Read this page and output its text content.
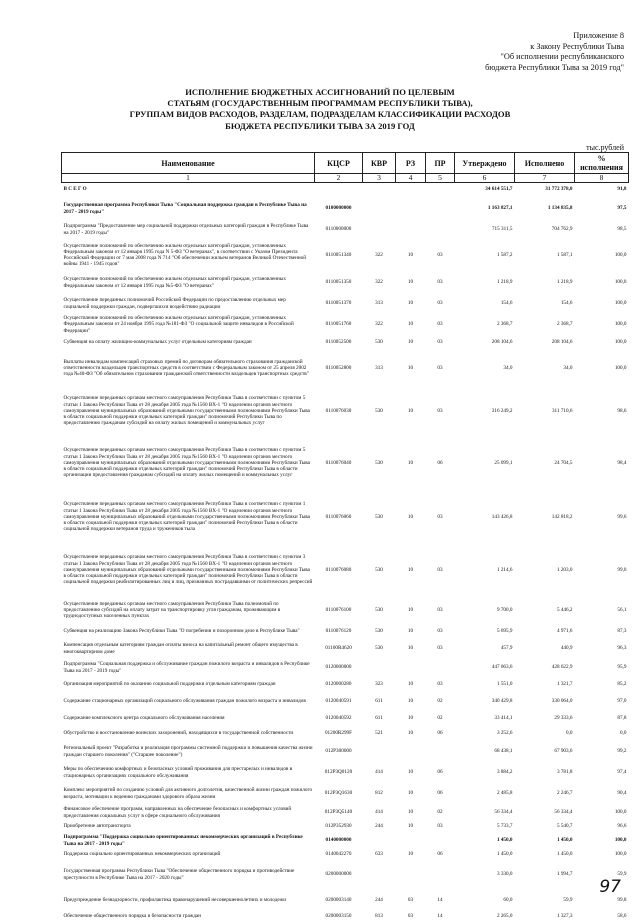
Приложение 8
к Закону Республики Тыва
"Об исполнении республиканского
бюджета Республики Тыва за 2019 год"
ИСПОЛНЕНИЕ БЮДЖЕТНЫХ АССИГНОВАНИЙ ПО ЦЕЛЕВЫМ
СТАТЬЯМ (ГОСУДАРСТВЕННЫМ ПРОГРАММАМ РЕСПУБЛИКИ ТЫВА),
ГРУППАМ ВИДОВ РАСХОДОВ, РАЗДЕЛАМ, ПОДРАЗДЕЛАМ КЛАССИФИКАЦИИ РАСХОДОВ
БЮДЖЕТА РЕСПУБЛИКИ ТЫВА ЗА 2019 ГОД
тыс.рублей
Наименование	КЦСР	КВР	РЗ	ПР	Утверждено	Исполнено	% исполнения
1	2	3	4	5	6	7	8
В С Е Г О					34 614 551,7	31 772 378,0	91,8
Государственная программа Республики Тыва "Социальная поддержка граждан в Республике Тыва на 2017 - 2019 годы"	0100000000				1 163 827,1	1 134 835,8	97,5
Подпрограмма "Предоставление мер социальной поддержки отдельных категорий граждан в Республике Тыва на 2017 - 2019 годы"	0110000000				715 311,5	704 762,9	98,5
Осуществление полномочий по обеспечению жильем отдельных категорий граждан, установленных Федеральным законом от 12 января 1995 года N 5-ФЗ "О ветеранах", в соответствии с Указом Президента Российской Федерации от 7 мая 2008 года N 714 "Об обеспечении жильем ветеранов Великой Отечественной войны 1941 - 1945 годов"	0110051340	322	10	03	1 587,2	1 587,1	100,0
Осуществление полномочий по обеспечению жильем отдельных категорий граждан, установленных Федеральным законом от 12 января 1995 года №5-ФЗ "О ветеранах"	0110051350	322	10	03	1 218,9	1 218,9	100,0
Осуществление переданных полномочий Российской Федерации по предоставлению отдельных мер социальной поддержки граждан, подвергшихся воздействию радиации	0110051370	313	10	03	154,6	154,6	100,0
Осуществление полномочий по обеспечению жильем отдельных категорий граждан, установленных Федеральным законом от 24 ноября 1995 года №181-ФЗ "О социальной защите инвалидов в Российской Федерации"	0110051760	322	10	03	2 368,7	2 368,7	100,0
Субвенция на оплату жилищно-коммунальных услуг отдельным категориям граждан	0110052500	530	10	03	208 104,6	208 104,6	100,0
Выплаты инвалидам компенсаций страховых премий по договорам обязательного страхования гражданской ответственности владельцев транспортных средств в соответствии с Федеральным законом от 25 апреля 2002 года №40-ФЗ "Об обязательном страховании гражданской ответственности владельцев транспортных средств"	0110052800	313	10	03	34,0	34,0	100,0
Осуществление переданных органам местного самоуправления Республики Тыва в соответствии с пунктом 5 статьи 1 Закона Республики Тыва от 28 декабря 2005 года №1560 ВХ-1 "О наделении органов местного самоуправления муниципальных образований отдельными государственными полномочиями Республики Тыва в области социальной поддержки отдельных категорий граждан" полномочий Республики Тыва по предоставлению гражданам субсидий на оплату жилых помещений и коммунальных услуг	0110076030	530	10	03	316 249,2	311 710,6	98,6
Осуществление переданных органам местного самоуправления Республики Тыва в соответствии с пунктом 5 статьи 1 Закона Республики Тыва от 28 декабря 2005 года №1560 ВХ-1 "О наделении органов местного самоуправления муниципальных образований отдельными государственными полномочиями Республики Тыва в области социальной поддержки отдельных категорий граждан" полномочий Республики Тыва в области организации предоставления гражданам субсидий на оплату жилых помещений и коммунальных услуг	0110076040	530	10	06	25 099,1	24 704,5	98,4
Осуществление переданных органам местного самоуправления Республики Тыва в соответствии с пунктом 1 статьи 1 Закона Республики Тыва от 28 декабря 2005 года №1560 ВХ-1 "О наделении органов местного самоуправления муниципальных образований отдельными государственными полномочиями Республики Тыва в области социальной поддержки отдельных категорий граждан" полномочий Республики Тыва в области социальной поддержки ветеранов труда и тружеников тыла	0110076060	530	10	03	143 426,8	142 818,2	99,6
Осуществление переданных органам местного самоуправления Республики Тыва в соответствии с пунктом 3 статьи 1 Закона Республики Тыва от 28 декабря 2005 года №1560 ВХ-1 "О наделении органов местного самоуправления муниципальных образований отдельными государственными полномочиями Республики Тыва в области социальной поддержки отдельных категорий граждан" полномочий Республики Тыва в области социальной поддержки реабилитированных лиц и лиц, признанных пострадавшими от политических репрессий	0110076080	530	10	03	1 214,6	1 203,0	99,0
Осуществление переданных органам местного самоуправления Республики Тыва полномочий по предоставлению субсидий на оплату затрат на транспортировку угля гражданам, проживающим в труднодоступных населенных пунктах	0110076100	530	10	03	9 700,0	5 446,2	56,1
Субвенция на реализацию Закона Республики Тыва "О погребении и похоронном деле в Республике Тыва"	0110076120	530	10	03	5 695,9	4 971,6	87,3
Компенсация отдельным категориям граждан оплаты взноса на капитальный ремонт общего имущества в многоквартирном доме	01100R4620	530	10	03	457,9	440,9	96,3
Подпрограмма "Социальная поддержка и обслуживание граждан пожилого возраста и инвалидов в Республике Тыва на 2017 - 2019 годы"	0120000000				447 063,6	428 622,9	95,9
Организация мероприятий по оказанию социальной поддержки отдельным категориям граждан	0120000280	323	10	03	1 551,0	1 321,7	85,2
Содержание стационарных организаций социального обслуживания граждан пожилого возраста и инвалидов	0120040591	611	10	02	340 429,8	330 064,0	97,0
Содержание комплексного центра социального обслуживания населения	0120040592	611	10	02	33 414,1	29 333,6	87,8
Обустройство и восстановление воинских захоронений, находящихся в государственной собственности	01200R299F	521	10	06	3 252,6	0,0	0,0
Региональный проект "Разработка и реализация программы системной поддержки и повышения качества жизни граждан старшего поколения" ("Старшее поколение")	012P300000				68 438,1	67 903,6	99,2
Меры по обеспечению комфортных и безопасных условий проживания для престарелых и инвалидов в стационарных организациях социального обслуживания	012P3Q0120	414	10	06	3 884,2	3 781,8	97,4
Комплекс мероприятий по созданию условий для активного долголетия, качественной жизни граждан пожилого возраста, мотивации к ведению гражданами здорового образа жизни	012P3Q1630	812	10	06	2 485,8	2 246,7	90,4
Финансовое обеспечение программ, направленных на обеспечение безопасных и комфортных условий предоставления социальных услуг в сфере социального обслуживания	012P3Q5140	414	10	02	56 334,4	56 334,4	100,0
Приобретение автотранспорта	012P352930	244	10	03	5 733,7	5 540,7	96,6
Подпрограмма "Поддержка социально ориентированных некоммерческих организаций в Республике Тыва на 2017 - 2019 годы"	0140000000				1 450,0	1 450,0	100,0
Поддержка социально ориентированных некоммерческих организаций	0140042270	633	10	06	1 450,0	1 450,0	100,0
Государственная программа Республики Тыва "Обеспечение общественного порядка и противодействие преступности в Республике Тыва на 2017 - 2020 годы"	0200000000				3 330,0	1 994,7	59,9
Предупреждение безнадзорности, профилактика правонарушений несовершеннолетних и молодежи	0200003140	244	03	14	60,0	59,9	99,8
Обеспечение общественного порядка и безопасности граждан	0200003150	813	03	14	2 265,0	1 327,3	58,6
97
